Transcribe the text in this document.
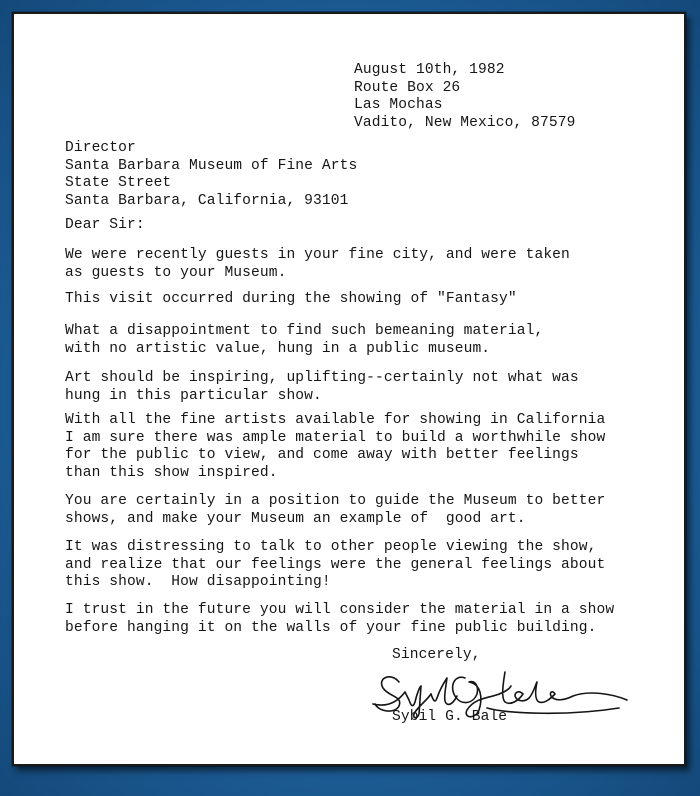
August 10th, 1982
Route Box 26
Las Mochas
Vadito, New Mexico, 87579
Director
Santa Barbara Museum of Fine Arts
State Street
Santa Barbara, California, 93101
Dear Sir:
We were recently guests in your fine city, and were taken
as guests to your Museum.
This visit occurred during the showing of "Fantasy"
What a disappointment to find such bemeaning material,
with no artistic value, hung in a public museum.
Art should be inspiring, uplifting--certainly not what was
hung in this particular show.
With all the fine artists available for showing in California
I am sure there was ample material to build a worthwhile show
for the public to view, and come away with better feelings
than this show inspired.
You are certainly in a position to guide the Museum to better
shows, and make your Museum an example of  good art.
It was distressing to talk to other people viewing the show,
and realize that our feelings were the general feelings about
this show.  How disappointing!
I trust in the future you will consider the material in a show
before hanging it on the walls of your fine public building.
Sincerely,
Sybil G. Bale
